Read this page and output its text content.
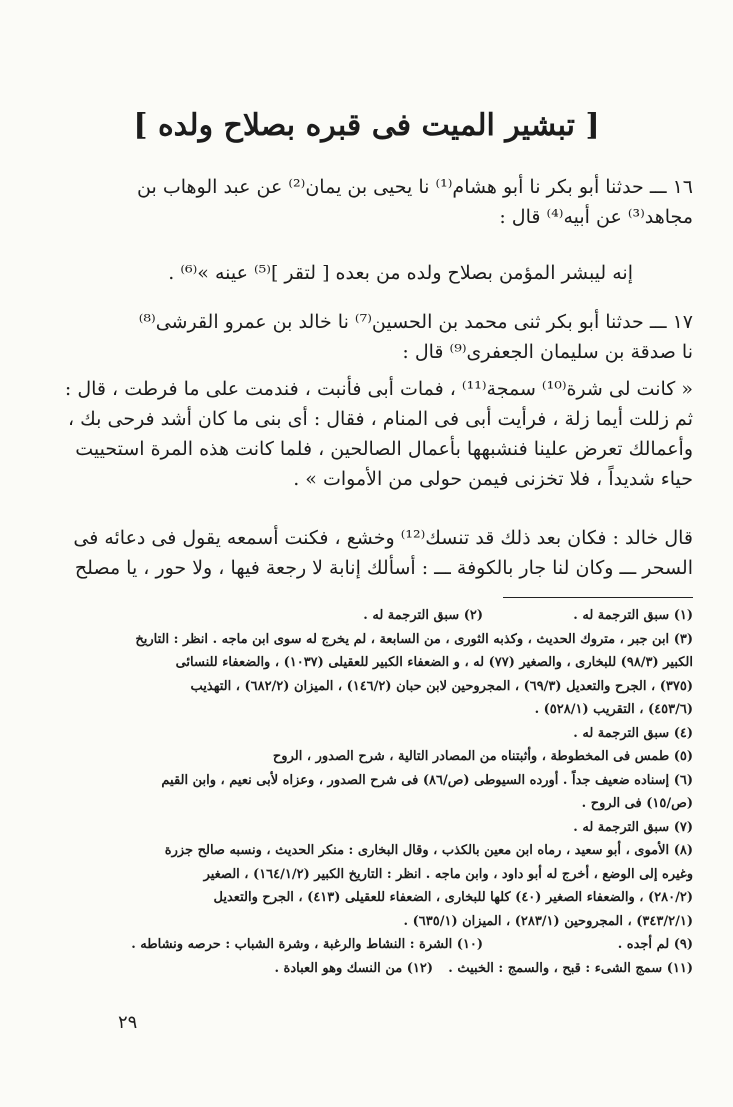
[ تبشير الميت فى قبره بصلاح ولده ]
١٦ ـــ حدثنا أبو بكر نا أبو هشام⁽¹⁾ نا يحيى بن يمان⁽²⁾ عن عبد الوهاب بن
مجاهد⁽³⁾ عن أبيه⁽⁴⁾ قال :
إنه ليبشر المؤمن بصلاح ولده من بعده [ لتقر ]⁽⁵⁾ عينه »⁽⁶⁾ .
١٧ ـــ حدثنا أبو بكر ثنى محمد بن الحسين⁽⁷⁾ نا خالد بن عمرو القرشى⁽⁸⁾
نا صدقة بن سليمان الجعفرى⁽⁹⁾ قال :
« كانت لى شرة⁽¹⁰⁾ سمجة⁽¹¹⁾ ، فمات أبى فأنبت ، فندمت على ما فرطت ، قال :
ثم زللت أيما زلة ، فرأيت أبى فى المنام ، فقال : أى بنى ما كان أشد فرحى بك ،
وأعمالك تعرض علينا فنشبهها بأعمال الصالحين ، فلما كانت هذه المرة استحييت
حياء شديداً ، فلا تخزنى فيمن حولى من الأموات » .
قال خالد : فكان بعد ذلك قد تنسك⁽¹²⁾ وخشع ، فكنت أسمعه يقول فى دعائه فى
السحر ـــ وكان لنا جار بالكوفة ـــ : أسألك إنابة لا رجعة فيها ، ولا حور ، يا مصلح
(١) سبق الترجمة له .
(٢) سبق الترجمة له .
(٣) ابن جبر ، متروك الحديث ، وكذبه الثورى ، من السابعة ، لم يخرج له سوى ابن ماجه . انظر : التاريخ
الكبير (٩٨/٣) للبخارى ، والصغير (٧٧) له ، و الضعفاء الكبير للعقيلى (١٠٣٧) ، والضعفاء للنسائى
(٣٧٥) ، الجرح والتعديل (٦٩/٣) ، المجروحين لابن حبان (١٤٦/٢) ، الميزان (٦٨٢/٢) ، التهذيب
(٤٥٣/٦) ، التقريب (٥٢٨/١) .
(٤) سبق الترجمة له .
(٥) طمس فى المخطوطة ، وأثبتناه من المصادر التالية ، شرح الصدور ، الروح
(٦) إسناده ضعيف جداً . أورده السيوطى (ص/٨٦) فى شرح الصدور ، وعزاه لأبى نعيم ، وابن القيم
(ص/١٥) فى الروح .
(٧) سبق الترجمة له .
(٨) الأموى ، أبو سعيد ، رماه ابن معين بالكذب ، وقال البخارى : منكر الحديث ، ونسبه صالح جزرة
وغيره إلى الوضع ، أخرج له أبو داود ، وابن ماجه . انظر : التاريخ الكبير (١٦٤/١/٢) ، الصغير
(٢٨٠/٢) ، والضعفاء الصغير (٤٠) كلها للبخارى ، الضعفاء للعقيلى (٤١٣) ، الجرح والتعديل
(٣٤٣/٢/١) ، المجروحين (٢٨٣/١) ، الميزان (٦٣٥/١) .
(٩) لم أجده .
(١٠) الشرة : النشاط والرغبة ، وشرة الشباب : حرصه ونشاطه .
(١١) سمج الشىء : قبح ، والسمج : الخبيث .
(١٢) من النسك وهو العبادة .
٢٩
